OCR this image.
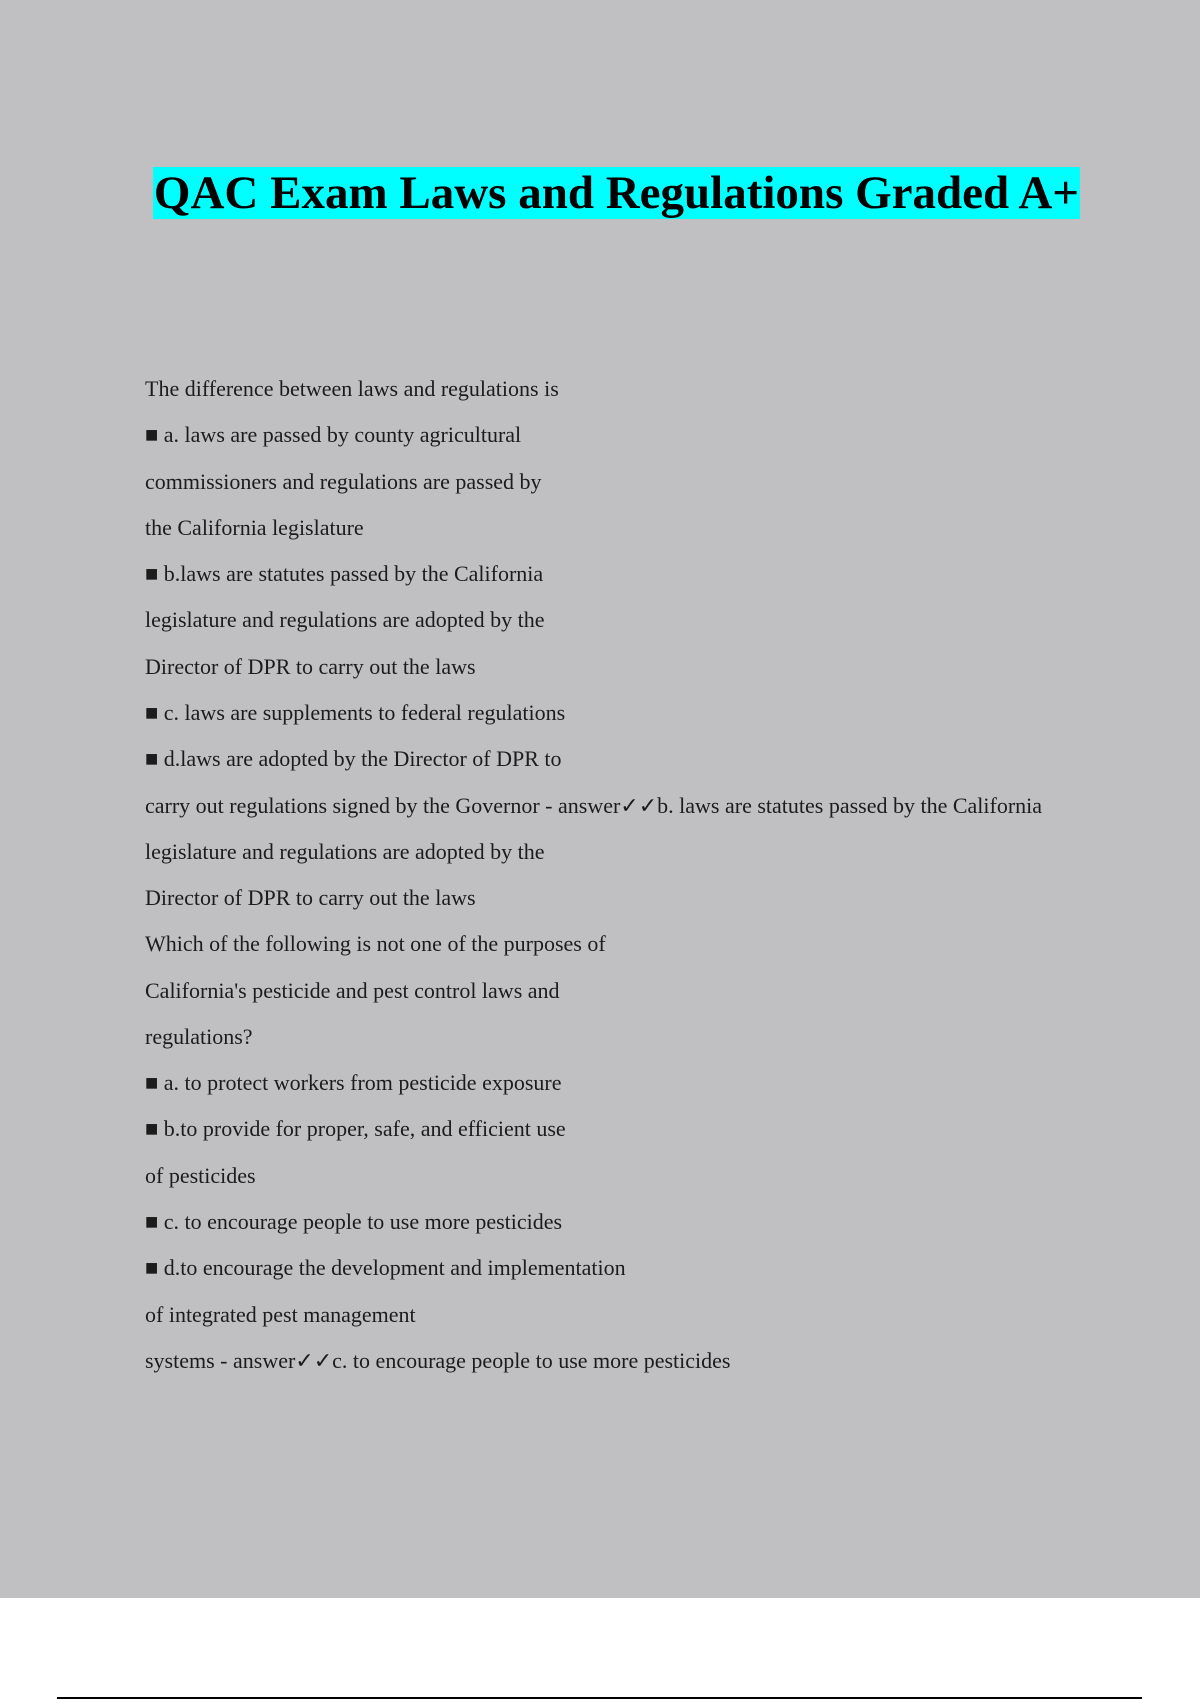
QAC Exam Laws and Regulations Graded A+

The difference between laws and regulations is

■ a. laws are passed by county agricultural

commissioners and regulations are passed by

the California legislature

■ b.laws are statutes passed by the California

legislature and regulations are adopted by the

Director of DPR to carry out the laws

■ c. laws are supplements to federal regulations

■ d.laws are adopted by the Director of DPR to

carry out regulations signed by the Governor - answer✓✓b. laws are statutes passed by the California

legislature and regulations are adopted by the

Director of DPR to carry out the laws

Which of the following is not one of the purposes of

California's pesticide and pest control laws and

regulations?

■ a. to protect workers from pesticide exposure

■ b.to provide for proper, safe, and efficient use

of pesticides

■ c. to encourage people to use more pesticides

■ d.to encourage the development and implementation

of integrated pest management

systems - answer✓✓c. to encourage people to use more pesticides
